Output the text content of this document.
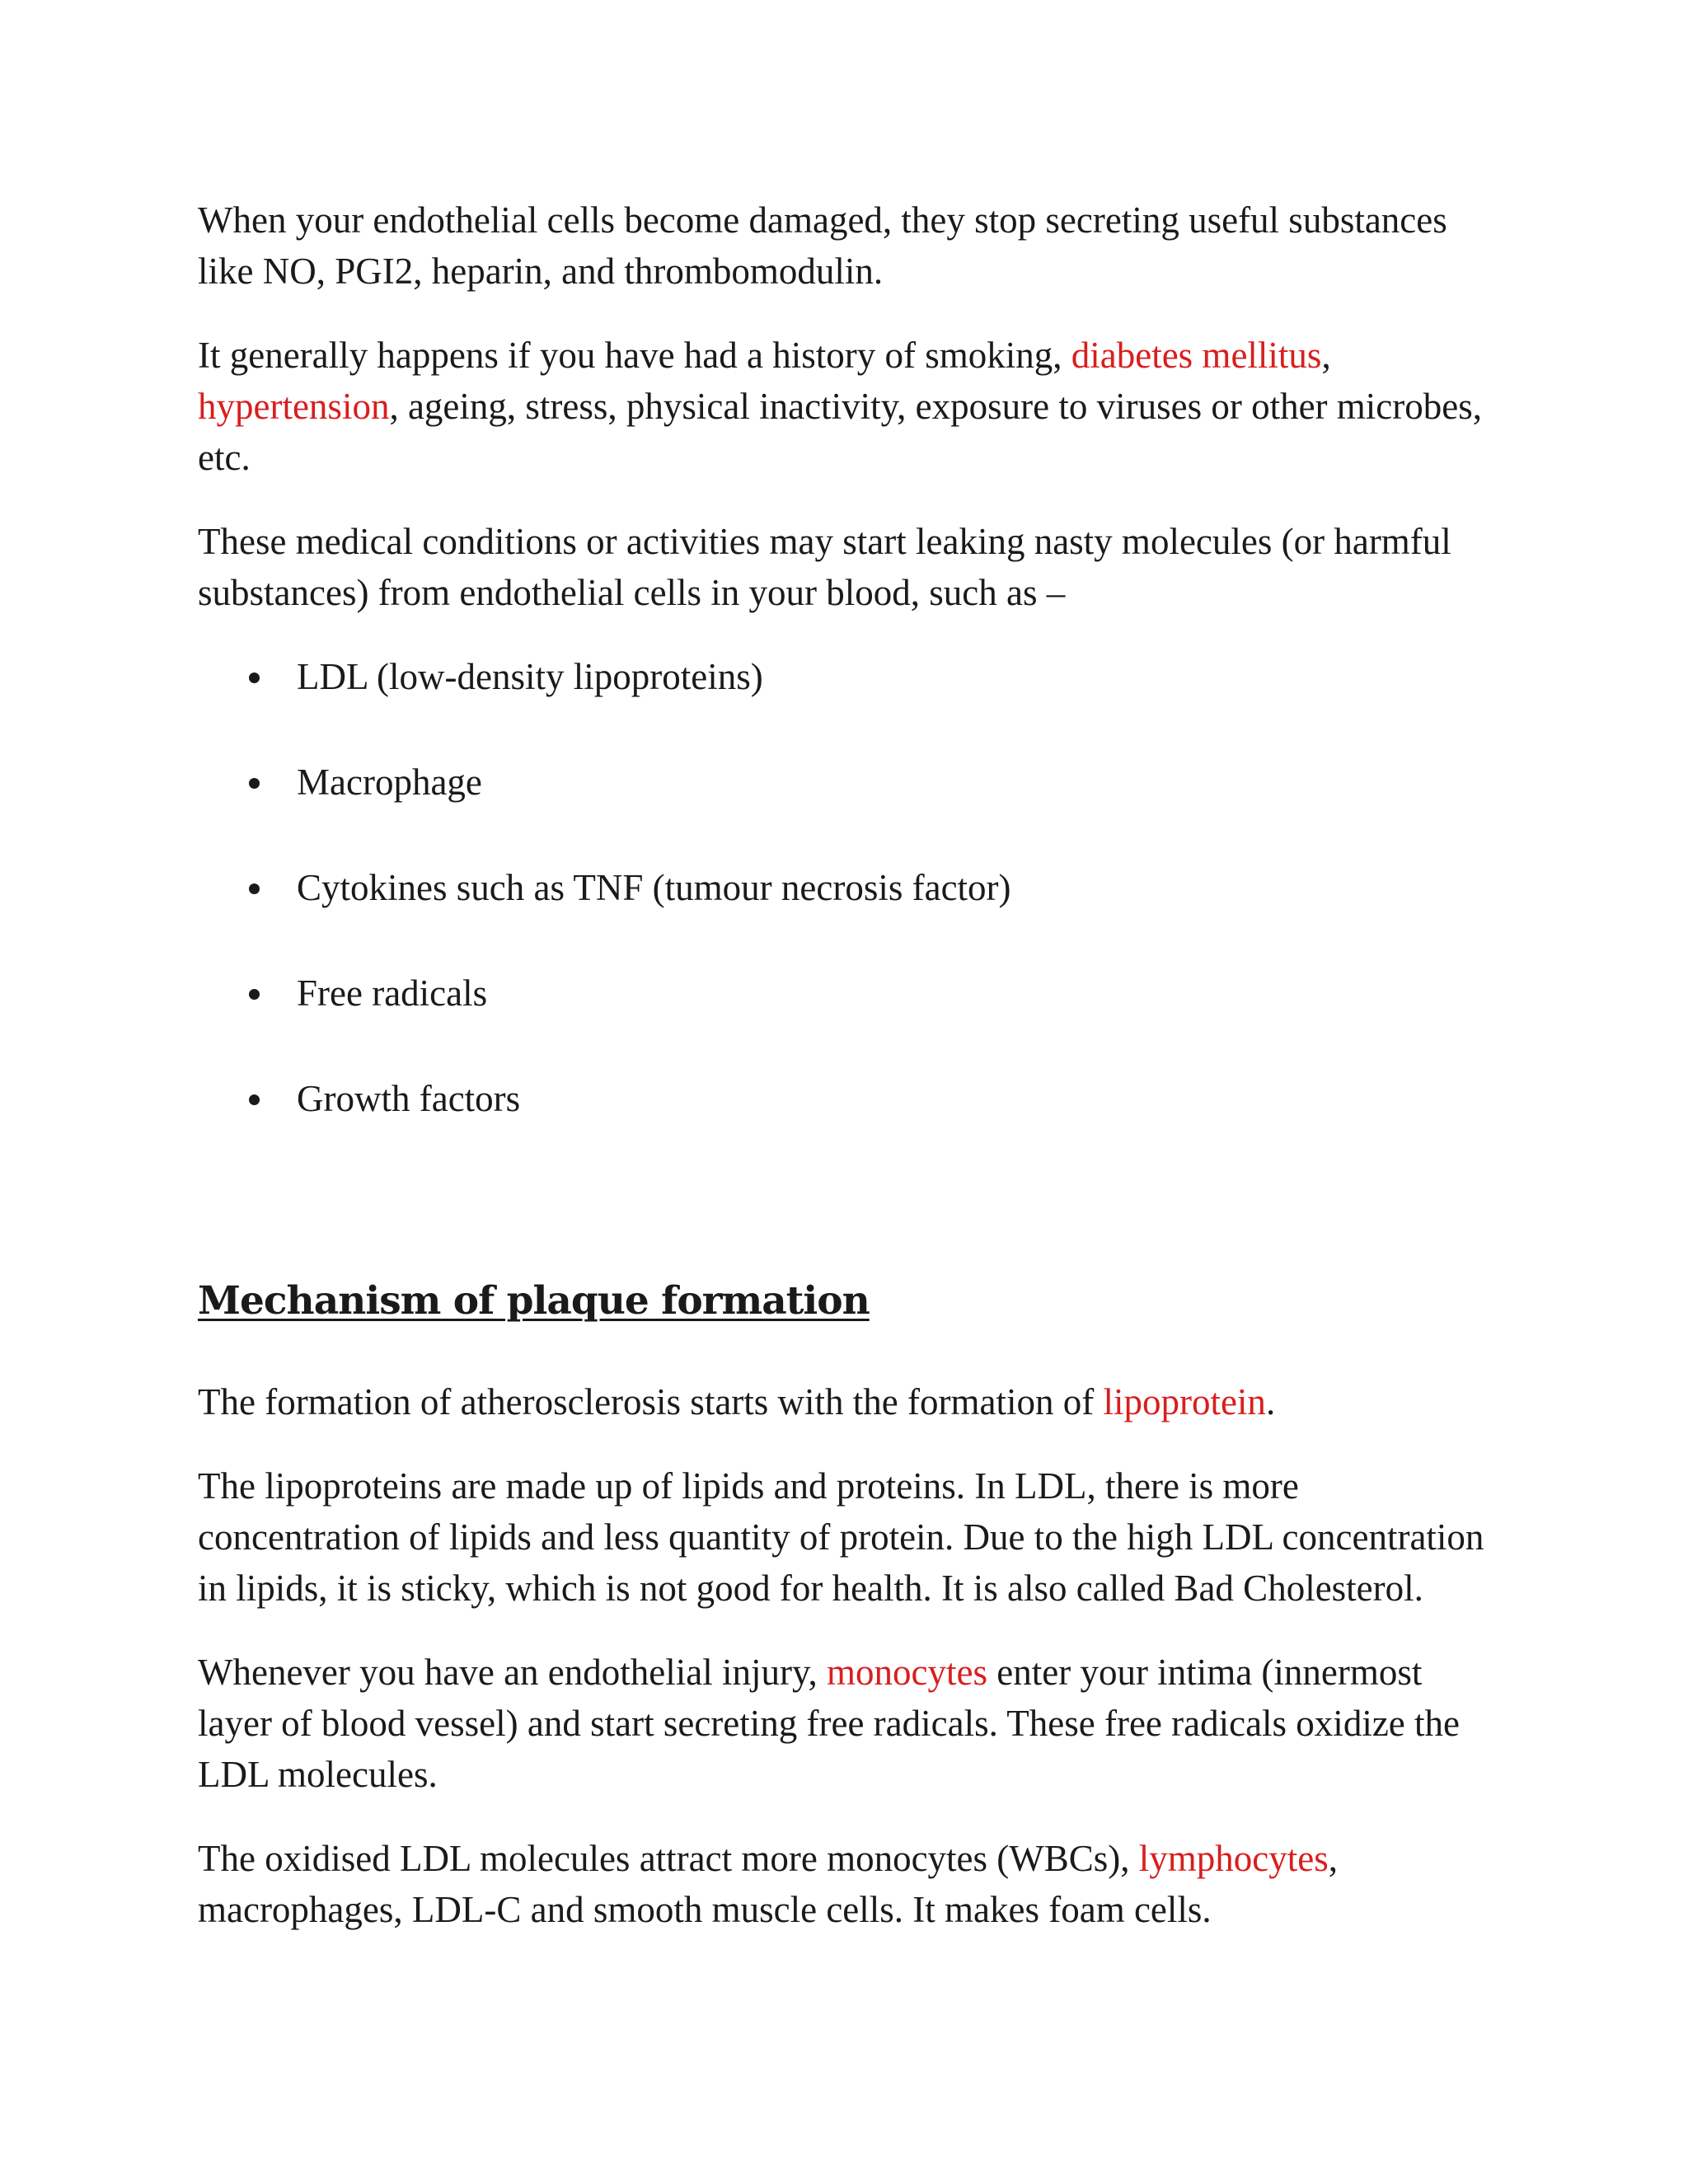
When your endothelial cells become damaged, they stop secreting useful substances like NO, PGI2, heparin, and thrombomodulin.

It generally happens if you have had a history of smoking, diabetes mellitus, hypertension, ageing, stress, physical inactivity, exposure to viruses or other microbes, etc.

These medical conditions or activities may start leaking nasty molecules (or harmful substances) from endothelial cells in your blood, such as –

LDL (low-density lipoproteins)
Macrophage
Cytokines such as TNF (tumour necrosis factor)
Free radicals
Growth factors
Mechanism of plaque formation

The formation of atherosclerosis starts with the formation of lipoprotein.

The lipoproteins are made up of lipids and proteins. In LDL, there is more concentration of lipids and less quantity of protein. Due to the high LDL concentration in lipids, it is sticky, which is not good for health. It is also called Bad Cholesterol.

Whenever you have an endothelial injury, monocytes enter your intima (innermost layer of blood vessel) and start secreting free radicals. These free radicals oxidize the LDL molecules.

The oxidised LDL molecules attract more monocytes (WBCs), lymphocytes, macrophages, LDL-C and smooth muscle cells. It makes foam cells.
